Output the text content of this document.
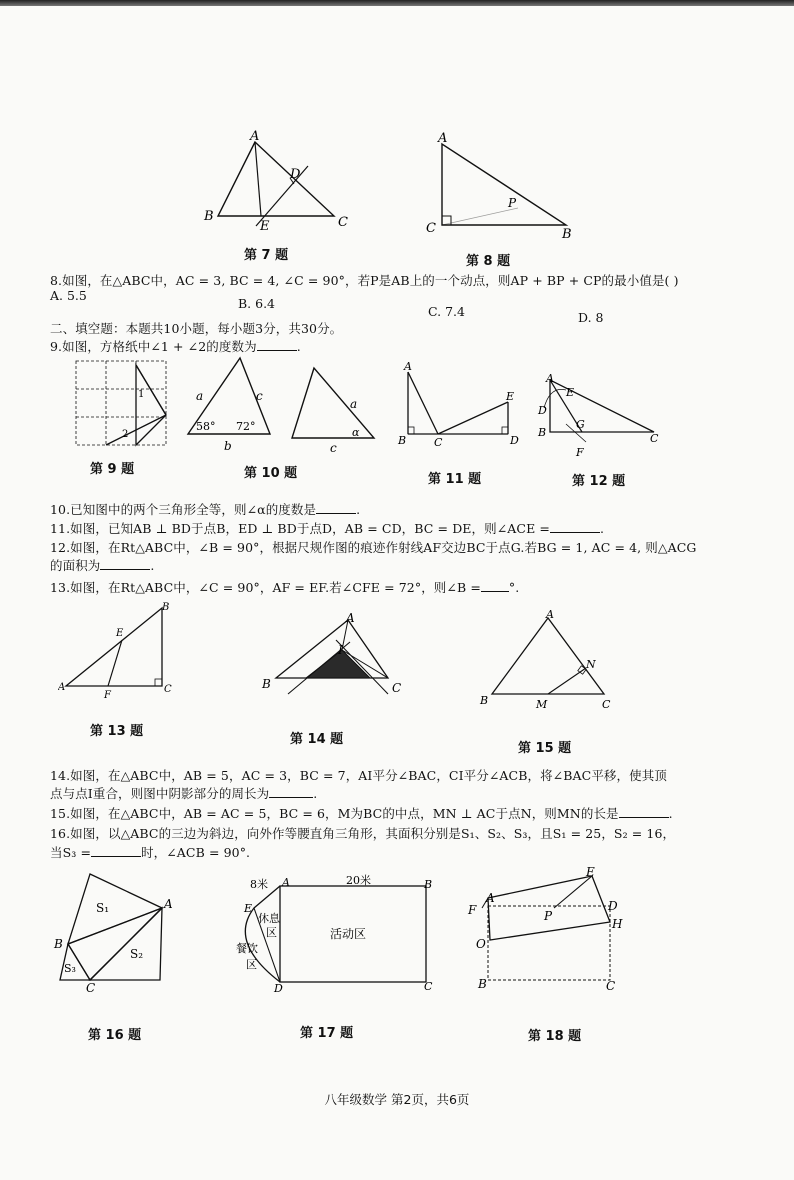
A
B
E
D
C
第 7 题
A
P
C	B
第 8 题
8.如图，在△ABC中，AC = 3, BC = 4, ∠C = 90°，若P是AB上的一个动点，则AP + BP + CP的最小值是( )
A. 5.5
B. 6.4
C. 7.4	D. 8
二、填空题：本题共10小题，每小题3分，共30分。
9.如图，方格纸中∠1 + ∠2的度数为	.
1
2
第 9 题
a	c
b
58° 72°
a
c
α
第 10 题
A
E
B	C	D
第 11 题
A
E
D
B
G
F
C
第 12 题
10.已知图中的两个三角形全等，则∠α的度数是	.
11.如图，已知AB ⊥ BD于点B，ED ⊥ BD于点D，AB = CD，BC = DE，则∠ACE =	.
12.如图，在Rt△ABC中，∠B = 90°，根据尺规作图的痕迹作射线AF交边BC于点G.若BG = 1, AC = 4, 则△ACG
的面积为	.
13.如图，在Rt△ABC中，∠C = 90°，AF = EF.若∠CFE = 72°，则∠B = °.
B
E
A
F
C
第 13 题
A
I
B	C
第 14 题
A
N
B	M	C
第 15 题
14.如图，在△ABC中，AB = 5，AC = 3，BC = 7，AI平分∠BAC，CI平分∠ACB，将∠BAC平移，使其顶
点与点I重合，则图中阴影部分的周长为	.
15.如图，在△ABC中，AB = AC = 5，BC = 6，M为BC的中点，MN ⊥ AC于点N，则MN的长是	.
16.如图，以△ABC的三边为斜边，向外作等腰直角三角形，其面积分别是S₁、S₂、S₃，且S₁ = 25，S₂ = 16，
当S₃ =	时，∠ACB = 90°.
S₁	A
B
S₂
S₃
C
第 16 题
8米 A	20米	B
E
休息
区	活动区
餐饮
区
D	C
第 17 题
E
A
D
F	P
H
O
B	C
第 18 题
八年级数学 第2页，共6页
